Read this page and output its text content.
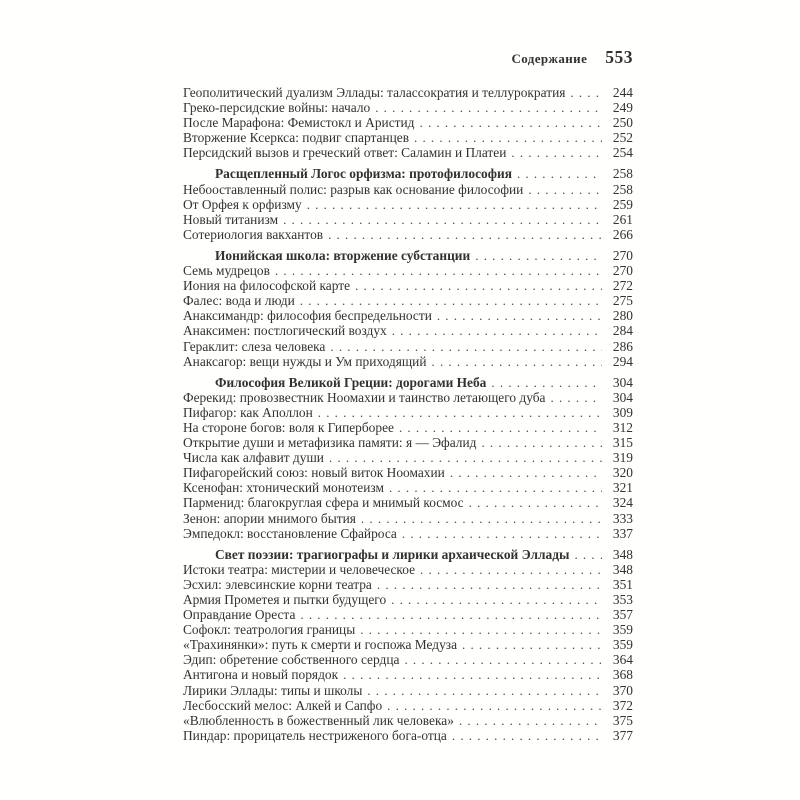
Содержание 553
Геополитический дуализм Эллады: талассократия и теллурократия .....	244
Греко-персидские войны: начало .....	249
После Марафона: Фемистокл и Аристид .....	250
Вторжение Ксеркса: подвиг спартанцев .....	252
Персидский вызов и греческий ответ: Саламин и Платеи .....	254
Расщепленный Логос орфизма: протофилософия .....	258
Небооставленный полис: разрыв как основание философии .....	258
От Орфея к орфизму .....	259
Новый титанизм .....	261
Сотериология вакхантов .....	266
Ионийская школа: вторжение субстанции .....	270
Семь мудрецов .....	270
Иония на философской карте .....	272
Фалес: вода и люди .....	275
Анаксимандр: философия беспредельности .....	280
Анаксимен: постлогический воздух .....	284
Гераклит: слеза человека .....	286
Анаксагор: вещи нужды и Ум приходящий .....	294
Философия Великой Греции: дорогами Неба .....	304
Ферекид: провозвестник Ноомахии и таинство летающего дуба .....	304
Пифагор: как Аполлон .....	309
На стороне богов: воля к Гиперборее .....	312
Открытие души и метафизика памяти: я — Эфалид .....	315
Числа как алфавит души .....	319
Пифагорейский союз: новый виток Ноомахии .....	320
Ксенофан: хтонический монотеизм .....	321
Парменид: благокруглая сфера и мнимый космос .....	324
Зенон: апории мнимого бытия .....	333
Эмпедокл: восстановление Сфайроса .....	337
Свет поэзии: трагиографы и лирики архаической Эллады .....	348
Истоки театра: мистерии и человеческое .....	348
Эсхил: элевсинские корни театра .....	351
Армия Прометея и пытки будущего .....	353
Оправдание Ореста .....	357
Софокл: театрология границы .....	359
«Трахинянки»: путь к смерти и госпожа Медуза .....	359
Эдип: обретение собственного сердца .....	364
Антигона и новый порядок .....	368
Лирики Эллады: типы и школы .....	370
Лесбосский мелос: Алкей и Сапфо .....	372
«Влюбленность в божественный лик человека» .....	375
Пиндар: прорицатель нестриженого бога-отца .....	377
